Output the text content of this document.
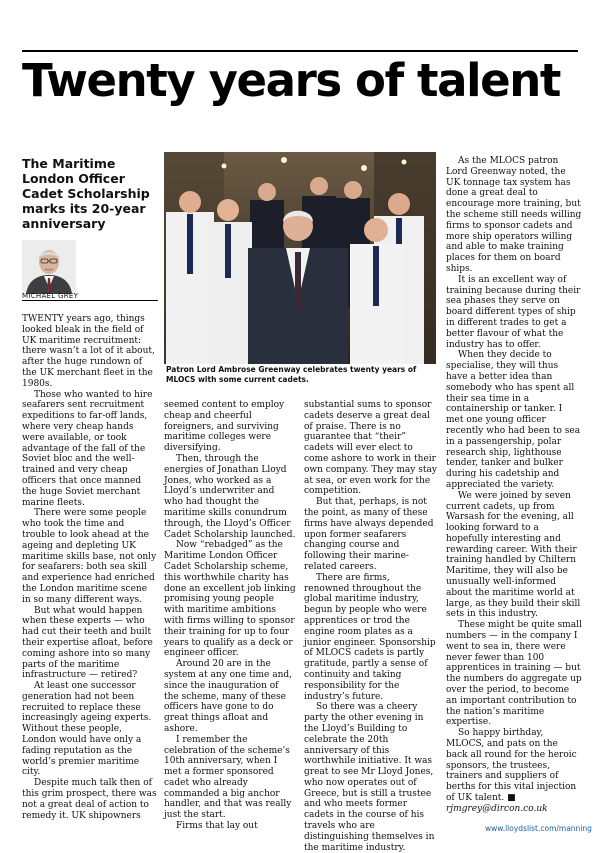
Twenty years of talent
The Maritime London Officer Cadet Scholarship marks its 20-year anniversary
MICHAEL GREY
Patron Lord Ambrose Greenway celebrates twenty years of MLOCS with some current cadets.

TWENTY years ago, things looked bleak in the field of UK maritime recruitment: there wasn’t a lot of it about, after the huge rundown of the UK merchant fleet in the 1980s.

Those who wanted to hire seafarers sent recruitment expeditions to far-off lands, where very cheap hands were available, or took advantage of the fall of the Soviet bloc and the well-trained and very cheap officers that once manned the huge Soviet merchant marine fleets.

There were some people who took the time and trouble to look ahead at the ageing and depleting UK maritime skills base, not only for seafarers: both sea skill and experience had enriched the London maritime scene in so many different ways.

But what would happen when these experts — who had cut their teeth and built their expertise afloat, before coming ashore into so many parts of the maritime infrastructure — retired?

At least one successor generation had not been recruited to replace these increasingly ageing experts. Without these people, London would have only a fading reputation as the world’s premier maritime city.

Despite much talk then of this grim prospect, there was not a great deal of action to remedy it. UK shipowners

seemed content to employ cheap and cheerful foreigners, and surviving maritime colleges were diversifying.

Then, through the energies of Jonathan Lloyd Jones, who worked as a Lloyd’s underwriter and who had thought the maritime skills conundrum through, the Lloyd’s Officer Cadet Scholarship launched.

Now “rebadged” as the Maritime London Officer Cadet Scholarship scheme, this worthwhile charity has done an excellent job linking promising young people with maritime ambitions with firms willing to sponsor their training for up to four years to qualify as a deck or engineer officer.

Around 20 are in the system at any one time and, since the inauguration of the scheme, many of these officers have gone to do great things afloat and ashore.

I remember the celebration of the scheme’s 10th anniversary, when I met a former sponsored cadet who already commanded a big anchor handler, and that was really just the start.

Firms that lay out

substantial sums to sponsor cadets deserve a great deal of praise. There is no guarantee that “their” cadets will ever elect to come ashore to work in their own company. They may stay at sea, or even work for the competition.

But that, perhaps, is not the point, as many of these firms have always depended upon former seafarers changing course and following their marine-related careers.

There are firms, renowned throughout the global maritime industry, begun by people who were apprentices or trod the engine room plates as a junior engineer. Sponsorship of MLOCS cadets is partly gratitude, partly a sense of continuity and taking responsibility for the industry’s future.

So there was a cheery party the other evening in the Lloyd’s Building to celebrate the 20th anniversary of this worthwhile initiative. It was great to see Mr Lloyd Jones, who now operates out of Greece, but is still a trustee and who meets former cadets in the course of his travels who are distinguishing themselves in the maritime industry.

As the MLOCS patron Lord Greenway noted, the UK tonnage tax system has done a great deal to encourage more training, but the scheme still needs willing firms to sponsor cadets and more ship operators willing and able to make training places for them on board ships.

It is an excellent way of training because during their sea phases they serve on board different types of ship in different trades to get a better flavour of what the industry has to offer.

When they decide to specialise, they will thus have a better idea than somebody who has spent all their sea time in a containership or tanker. I met one young officer recently who had been to sea in a passengership, polar research ship, lighthouse tender, tanker and bulker during his cadetship and appreciated the variety.

We were joined by seven current cadets, up from Warsash for the evening, all looking forward to a hopefully interesting and rewarding career. With their training handled by Chiltern Maritime, they will also be unusually well-informed about the maritime world at large, as they build their skill sets in this industry.

These might be quite small numbers — in the company I went to sea in, there were never fewer than 100 apprentices in training — but the numbers do aggregate up over the period, to become an important contribution to the nation’s maritime expertise.

So happy birthday, MLOCS, and pats on the back all round for the heroic sponsors, the trustees, trainers and suppliers of berths for this vital injection of UK talent. ■

rjmgrey@dircon.co.uk

www.lloydslist.com/manning
